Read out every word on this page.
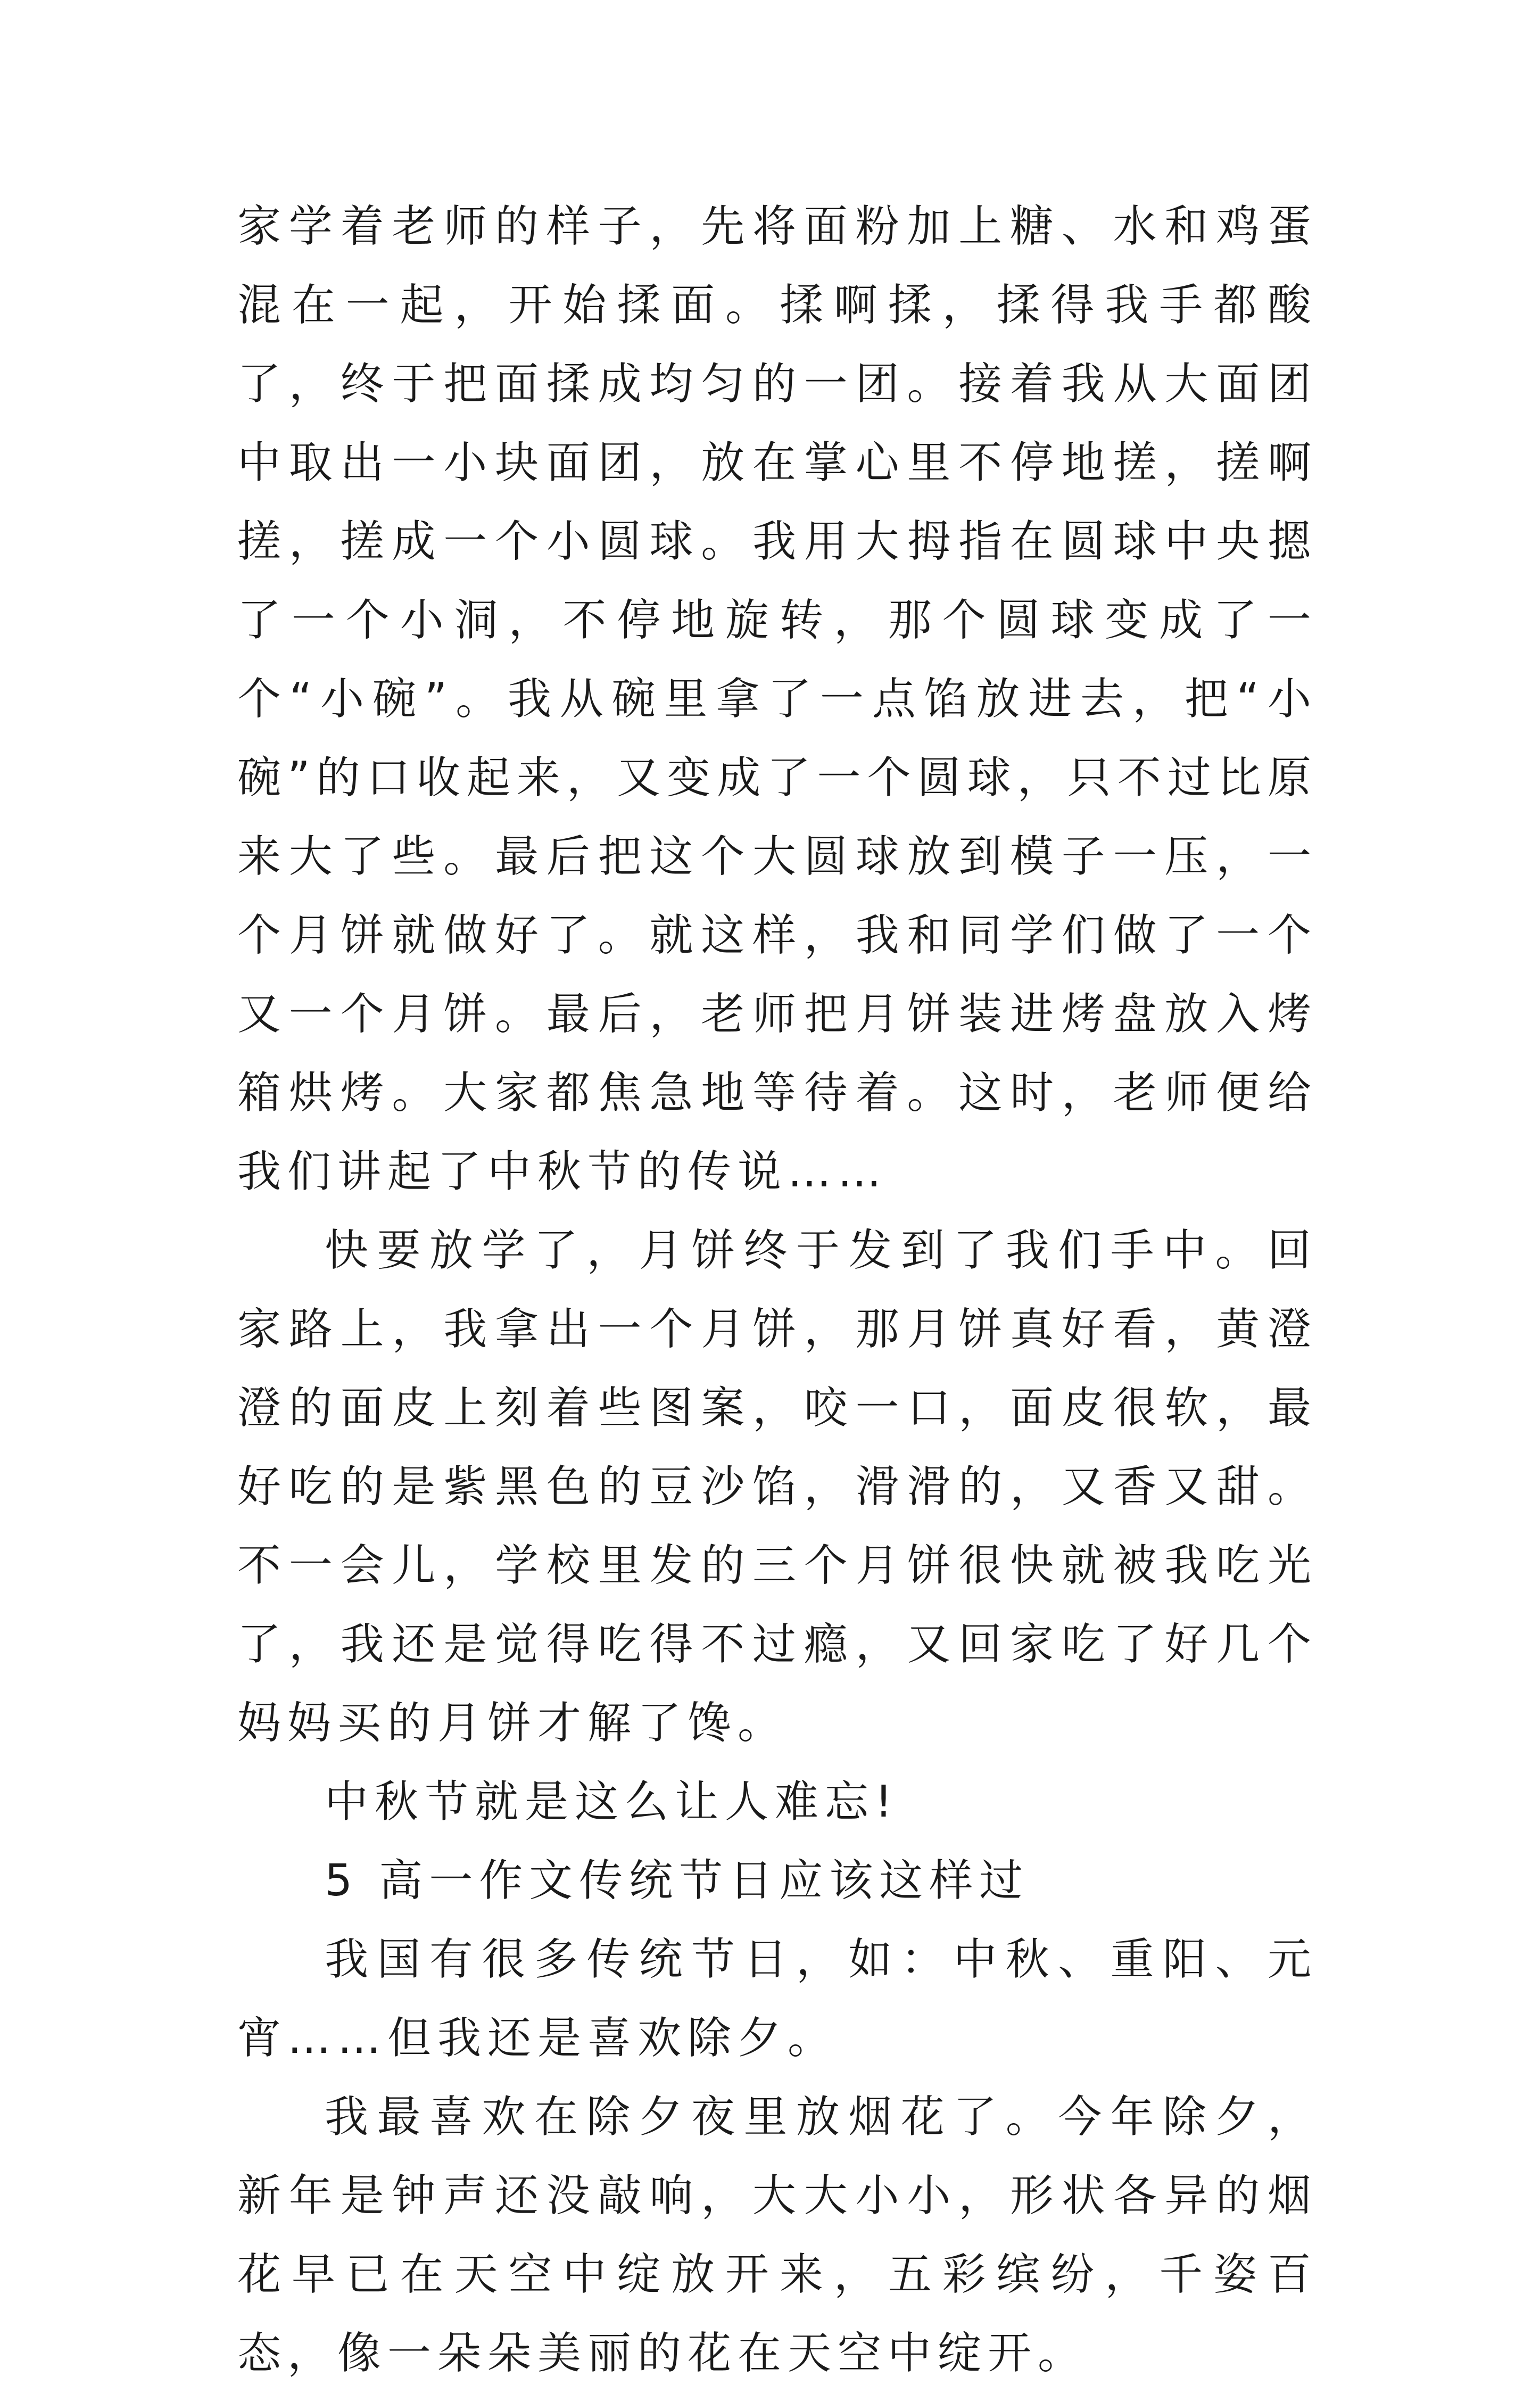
家学着老师的样子，先将面粉加上糖、水和鸡蛋混在一起，开始揉面。揉啊揉，揉得我手都酸了，终于把面揉成均匀的一团。接着我从大面团中取出一小块面团，放在掌心里不停地搓，搓啊搓，搓成一个小圆球。我用大拇指在圆球中央摁了一个小洞，不停地旋转，那个圆球变成了一个“小碗”。我从碗里拿了一点馅放进去，把“小碗”的口收起来，又变成了一个圆球，只不过比原来大了些。最后把这个大圆球放到模子一压，一个月饼就做好了。就这样，我和同学们做了一个又一个月饼。最后，老师把月饼装进烤盘放入烤箱烘烤。大家都焦急地等待着。这时，老师便给我们讲起了中秋节的传说……

快要放学了，月饼终于发到了我们手中。回家路上，我拿出一个月饼，那月饼真好看，黄澄澄的面皮上刻着些图案，咬一口，面皮很软，最好吃的是紫黑色的豆沙馅，滑滑的，又香又甜。不一会儿，学校里发的三个月饼很快就被我吃光了，我还是觉得吃得不过瘾，又回家吃了好几个妈妈买的月饼才解了馋。

中秋节就是这么让人难忘!

5 高一作文传统节日应该这样过

我国有很多传统节日，如：中秋、重阳、元宵……但我还是喜欢除夕。

我最喜欢在除夕夜里放烟花了。今年除夕，新年是钟声还没敲响，大大小小，形状各异的烟花早已在天空中绽放开来，五彩缤纷，千姿百态，像一朵朵美丽的花在天空中绽开。
